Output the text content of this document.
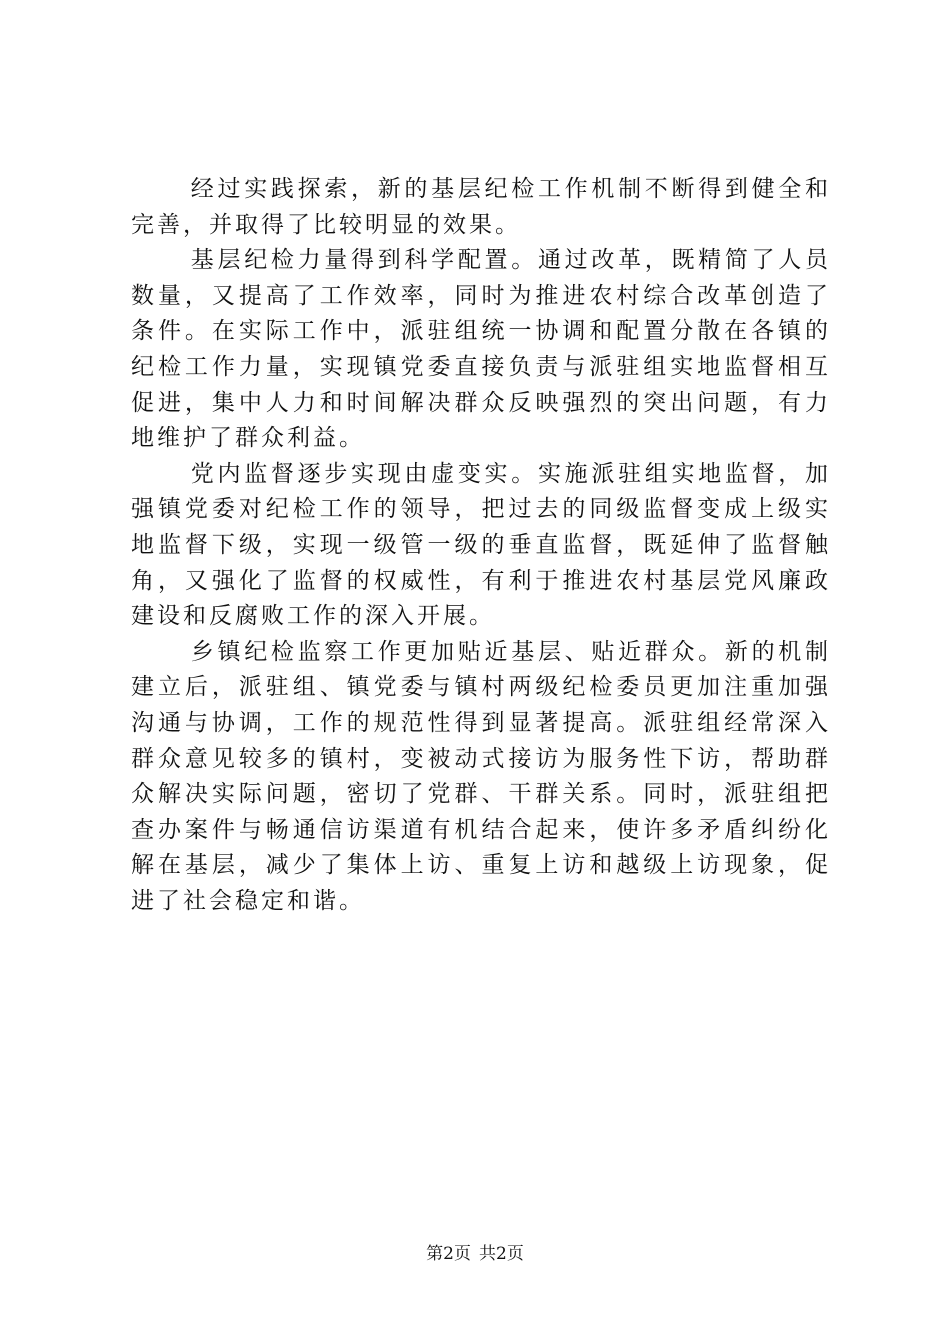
经过实践探索，新的基层纪检工作机制不断得到健全和完善，并取得了比较明显的效果。

基层纪检力量得到科学配置。通过改革，既精简了人员数量，又提高了工作效率，同时为推进农村综合改革创造了条件。在实际工作中，派驻组统一协调和配置分散在各镇的纪检工作力量，实现镇党委直接负责与派驻组实地监督相互促进，集中人力和时间解决群众反映强烈的突出问题，有力地维护了群众利益。

党内监督逐步实现由虚变实。实施派驻组实地监督，加强镇党委对纪检工作的领导，把过去的同级监督变成上级实地监督下级，实现一级管一级的垂直监督，既延伸了监督触角，又强化了监督的权威性，有利于推进农村基层党风廉政建设和反腐败工作的深入开展。

乡镇纪检监察工作更加贴近基层、贴近群众。新的机制建立后，派驻组、镇党委与镇村两级纪检委员更加注重加强沟通与协调，工作的规范性得到显著提高。派驻组经常深入群众意见较多的镇村，变被动式接访为服务性下访，帮助群众解决实际问题，密切了党群、干群关系。同时，派驻组把查办案件与畅通信访渠道有机结合起来，使许多矛盾纠纷化解在基层，减少了集体上访、重复上访和越级上访现象，促进了社会稳定和谐。

第2页 共2页
